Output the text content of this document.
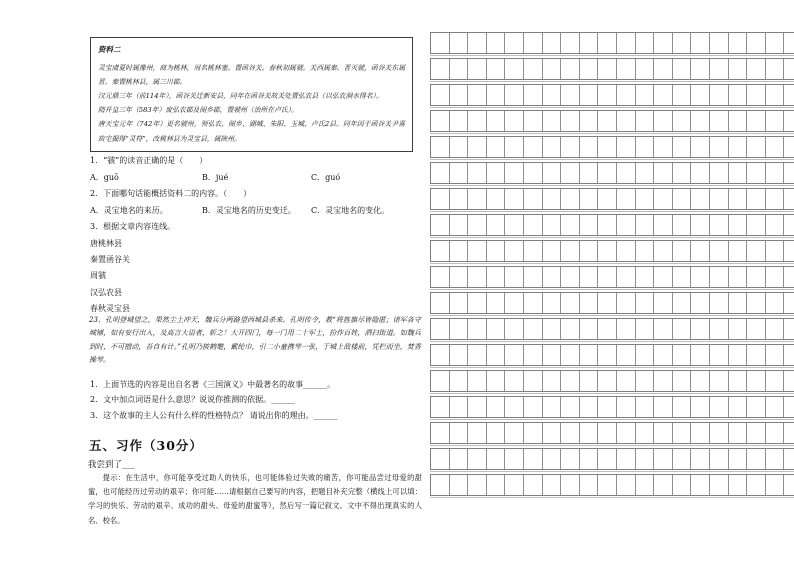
资料二

灵宝虞夏时属豫州，商为桃林，周名桃林塞。置函谷关。春秋初属虢。关西属秦。晋灭虢，函谷关东属晋。秦置桃林县，属三川郡。

汉元鼎三年（前114年），函谷关迁新安县，同年在函谷关故关处置弘农县（以弘农涧水得名）。

隋开皇三年（583年）废弘农郡及阌乡郡，置虢州（治所在卢氏）。

唐天宝元年（742年）更名虢州，领弘农、阌乡、湖城、朱阳、玉城、卢氏2县。同年因于函谷关尹喜故宅掘得“灵符”，改桃林县为灵宝县，属陕州。

1．“虢”的读音正确的是（　　）
A．guō	B．jué	C．guó
2．下面哪句话能概括资料二的内容。（　　）
A．灵宝地名的来历。	B．灵宝地名的历史变迁。 C．灵宝地名的变化。
3．根据文章内容连线。
唐桃林县
秦置函谷关
周虢
汉弘农县
春秋灵宝县
23、孔明登城望之，果然尘土冲天，魏兵分两路望西城县杀来。孔明传令，教“将旌旗尽皆隐匿；诸军各守城铺，如有妄行出入，及高言大语者，斩之！大开四门，每一门用二十军士，扮作百姓，洒扫街道。如魏兵到时，不可擅动，吾自有计。”孔明乃披鹤氅，戴纶巾，引二小童携琴一张，于城上敌楼前，凭栏而坐，焚香操琴。
1．上面节选的内容是出自名著《三国演义》中最著名的故事______。
2．文中加点词语是什么意思？说说你推测的依据。______
3．这个故事的主人公有什么样的性格特点？ 请说出你的理由。______
五、习作（30分）
我尝到了___
提示：在生活中，你可能享受过助人的快乐，也可能体验过失败的痛苦，你可能品尝过母爱的甜蜜，也可能经历过劳动的艰辛；你可能……请根据自己要写的内容，把题目补充完整（横线上可以填：学习的快乐、劳动的艰辛、成功的甜头、母爱的甜蜜等），然后写一篇记叙文。文中不得出现真实的人名、校名。
